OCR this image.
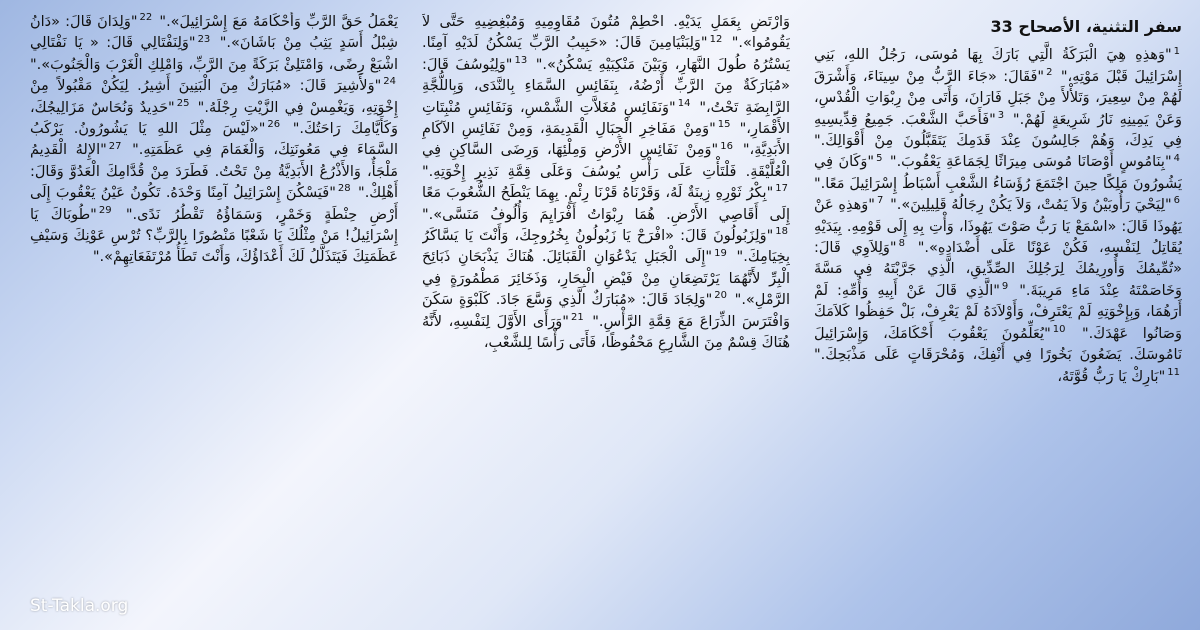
سفر التثنية، الأصحاح 33
$^1$"وَهذِهِ هِيَ الْبَرَكَةُ الَّتِي بَارَكَ بِهَا مُوسَى، رَجُلُ اللهِ، بَنِي إِسْرَائِيلَ قَبْلَ مَوْتِهِ،" $^2$"فَقَالَ: «جَاءَ الرَّبُّ مِنْ سِينَاءَ، وَأَشْرَقَ لَهُمْ مِنْ سِعِيرَ، وَتَلأْلأَ مِنْ جَبَلِ فَارَانَ، وَأَتَى مِنْ رِبْوَاتِ الْقُدْسِ، وَعَنْ يَمِينِهِ نَارُ شَرِيعَةٍ لَهُمْ." $^3$"فَأَحَبَّ الشَّعْبَ. جَمِيعُ قِدِّيسِيهِ فِي يَدِكَ، وَهُمْ جَالِسُونَ عِنْدَ قَدَمِكَ يَتَقَبَّلُونَ مِنْ أَقْوَالِكَ." $^4$"بِنَامُوسٍ أَوْصَانَا مُوسَى مِيرَاثًا لِجَمَاعَةِ يَعْقُوبَ." $^5$"وَكَانَ فِي يَشُورُونَ مَلِكًا حِينَ اجْتَمَعَ رُؤَسَاءُ الشَّعْبِ أَسْبَاطُ إِسْرَائِيلَ مَعًا." $^6$"لِيَحْيَ رَأُوبَيْنُ وَلاَ يَمُتْ، وَلاَ يَكُنْ رِجَالُهُ قَلِيلِينَ»." $^7$"وَهذِهِ عَنْ يَهُوذَا قَالَ: «اسْمَعْ يَا رَبُّ صَوْتَ يَهُوذَا، وَأْتِ بِهِ إِلَى قَوْمِهِ. بِيَدَيْهِ يُقَاتِلُ لِنَفْسِهِ، فَكُنْ عَوْنًا عَلَى أَضْدَادِهِ»." $^8$"وَلِلاَوِي قَالَ: «تُمِّيمُكَ وَأُورِيمُكَ لِرَجُلِكَ الصِّدِّيقِ، الَّذِي جَرَّبْتَهُ فِي مَسَّةَ وَخَاصَمْتَهُ عِنْدَ مَاءِ مَرِيبَةَ." $^9$"الَّذِي قَالَ عَنْ أَبِيهِ وَأُمِّهِ: لَمْ أَرَهُمَا، وَبِإِخْوَتِهِ لَمْ يَعْتَرِفْ، وَأَوْلاَدَهُ لَمْ يَعْرِفْ، بَلْ حَفِظُوا كَلاَمَكَ وَصَانُوا عَهْدَكَ." $^{10}$"يُعَلِّمُونَ يَعْقُوبَ أَحْكَامَكَ، وَإِسْرَائِيلَ نَامُوسَكَ. يَضَعُونَ بَخُورًا فِي أَنْفِكَ، وَمُحْرَقَاتٍ عَلَى مَذْبَحِكَ." $^{11}$"بَارِكْ يَا رَبُّ قُوَّتَهُ،
وَارْتَضِ بِعَمَلِ يَدَيْهِ. احْطِمْ مُتُونَ مُقَاوِمِيهِ وَمُبْغِضِيهِ حَتَّى لاَ يَقُومُوا»." $^{12}$"وَلِبَنْيَامِينَ قَالَ: «حَبِيبُ الرَّبِّ يَسْكُنُ لَدَيْهِ آمِنًا. يَسْتُرُهُ طُولَ النَّهَارِ، وَبَيْنَ مَنْكِبَيْهِ يَسْكُنُ»." $^{13}$"وَلِيُوسُفَ قَالَ: «مُبَارَكَةٌ مِنَ الرَّبِّ أَرْضُهُ، بِنَفَائِسِ السَّمَاءِ بِالنَّدَى، وَبِاللُّجَّةِ الرَّابِضَةِ تَحْتُ،" $^{14}$"وَنَفَائِسِ مُغَلاَّتِ الشَّمْسِ، وَنَفَائِسِ مُنْبِتَاتِ الأَقْمَارِ،" $^{15}$"وَمِنْ مَفَاخِرِ الْجِبَالِ الْقَدِيمَةِ، وَمِنْ نَفَائِسِ الآكَامِ الأَبَدِيَّةِ،" $^{16}$"وَمِنْ نَفَائِسِ الأَرْضِ وَمِلْئِهَا، وَرِضَى السَّاكِنِ فِي الْعُلَّيْقَةِ. فَلْتَأْتِ عَلَى رَأْسِ يُوسُفَ وَعَلَى قِمَّةِ نَذِيرِ إِخْوَتِهِ." $^{17}$"بِكْرُ ثَوْرِهِ زِينَةٌ لَهُ، وَقَرْنَاهُ قَرْنَا رِئْمٍ. بِهِمَا يَنْطَحُ الشُّعُوبَ مَعًا إِلَى أَقَاصِي الأَرْضِ. هُمَا رِبْوَاتُ أَفْرَايِمَ وَأُلُوفُ مَنَسَّى»." $^{18}$"وَلِزَبُولُونَ قَالَ: «افْرَحْ يَا زَبُولُونُ بِخُرُوجِكَ، وَأَنْتَ يَا يَسَّاكَرُ بِخِيَامِكَ." $^{19}$"إِلَى الْجَبَلِ يَدْعُوَانِ الْقَبَائِلَ. هُنَاكَ يَذْبَحَانِ ذَبَائِحَ الْبِرِّ لأَنَّهُمَا يَرْتَضِعَانِ مِنْ فَيْضِ الْبِحَارِ، وَذَخَائِرَ مَطْمُورَةٍ فِي الرَّمْلِ»." $^{20}$"وَلِجَادَ قَالَ: «مُبَارَكٌ الَّذِي وَسَّعَ جَادَ. كَلَبْوَةٍ سَكَنَ وَافْتَرَسَ الذِّرَاعَ مَعَ قِمَّةِ الرَّأْسِ." $^{21}$"وَرَأَى الأَوَّلَ لِنَفْسِهِ، لأَنَّهُ هُنَاكَ قِسْمٌ مِنَ الشَّارِعِ مَحْفُوظًا، فَأَتَى رَأْسًا لِلشَّعْبِ،
يَعْمَلُ حَقَّ الرَّبِّ وَأَحْكَامَهُ مَعَ إِسْرَائِيلَ»." $^{22}$"وَلِدَانَ قَالَ: «دَانُ شِبْلُ أَسَدٍ يَثِبُ مِنْ بَاشَانَ»." $^{23}$"وَلِنَفْتَالِي قَالَ: « يَا نَفْتَالِي اشْبَعْ رِضًى، وَامْتَلِئْ بَرَكَةً مِنَ الرَّبِّ، وَامْلِكِ الْغَرْبَ وَالْجَنُوبَ»." $^{24}$"وَلأَشِيرَ قَالَ: «مُبَارَكٌ مِنَ الْبَنِينَ أَشِيرُ. لِيَكُنْ مَقْبُولاً مِنْ إِخْوَتِهِ، وَيَغْمِسْ فِي الزَّيْتِ رِجْلَهُ." $^{25}$"حَدِيدٌ وَنُحَاسٌ مَزَالِيجُكَ، وَكَأَيَّامِكَ رَاحَتُكَ." $^{26}$"«لَيْسَ مِثْلَ اللهِ يَا يَشُورُونُ. يَرْكَبُ السَّمَاءَ فِي مَعُونَتِكَ، وَالْغَمَامَ فِي عَظَمَتِهِ." $^{27}$"الإِلهُ الْقَدِيمُ مَلْجَأٌ، وَالأَذْرُعُ الأَبَدِيَّةُ مِنْ تَحْتُ. فَطَرَدَ مِنْ قُدَّامِكَ الْعَدُوَّ وَقَالَ: أَهْلِكْ." $^{28}$"فَيَسْكُنَ إِسْرَائِيلُ آمِنًا وَحْدَهُ. تَكُونُ عَيْنُ يَعْقُوبَ إِلَى أَرْضِ حِنْطَةٍ وَخَمْرٍ، وَسَمَاؤُهُ تَقْطُرُ نَدًى." $^{29}$"طُوبَاكَ يَا إِسْرَائِيلُ! مَنْ مِثْلُكَ يَا شَعْبًا مَنْصُورًا بِالرَّبِّ؟ تُرْسِ عَوْنِكَ وَسَيْفِ عَظَمَتِكَ فَيَتَذَلَّلُ لَكَ أَعْدَاؤُكَ، وَأَنْتَ تَطَأُ مُرْتَفَعَاتِهِمْ»."
St-Takla.org
